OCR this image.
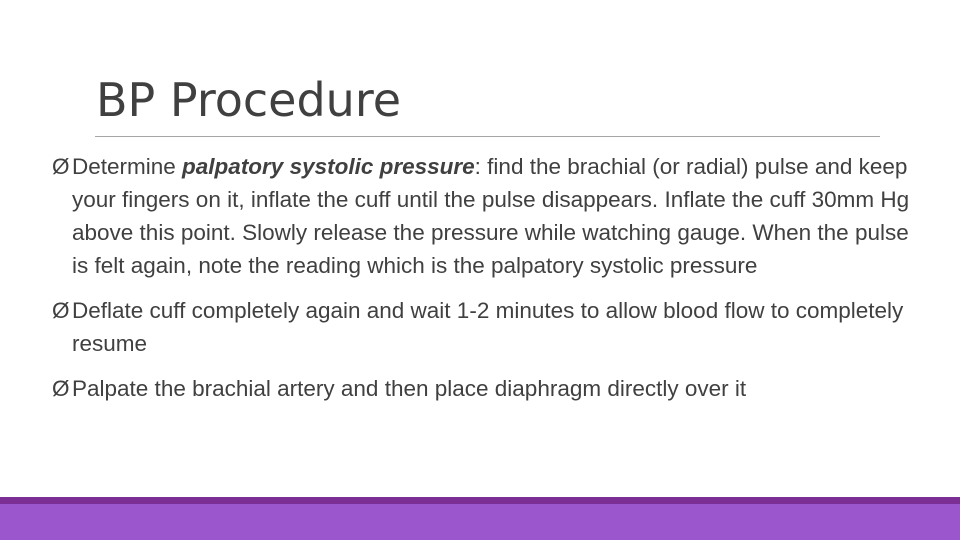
BP Procedure
Ø Determine palpatory systolic pressure: find the brachial (or radial) pulse and keep your fingers on it, inflate the cuff until the pulse disappears. Inflate the cuff 30mm Hg above this point. Slowly release the pressure while watching gauge. When the pulse is felt again, note the reading which is the palpatory systolic pressure
Ø Deflate cuff completely again and wait 1-2 minutes to allow blood flow to completely resume
Ø Palpate the brachial artery and then place diaphragm directly over it
